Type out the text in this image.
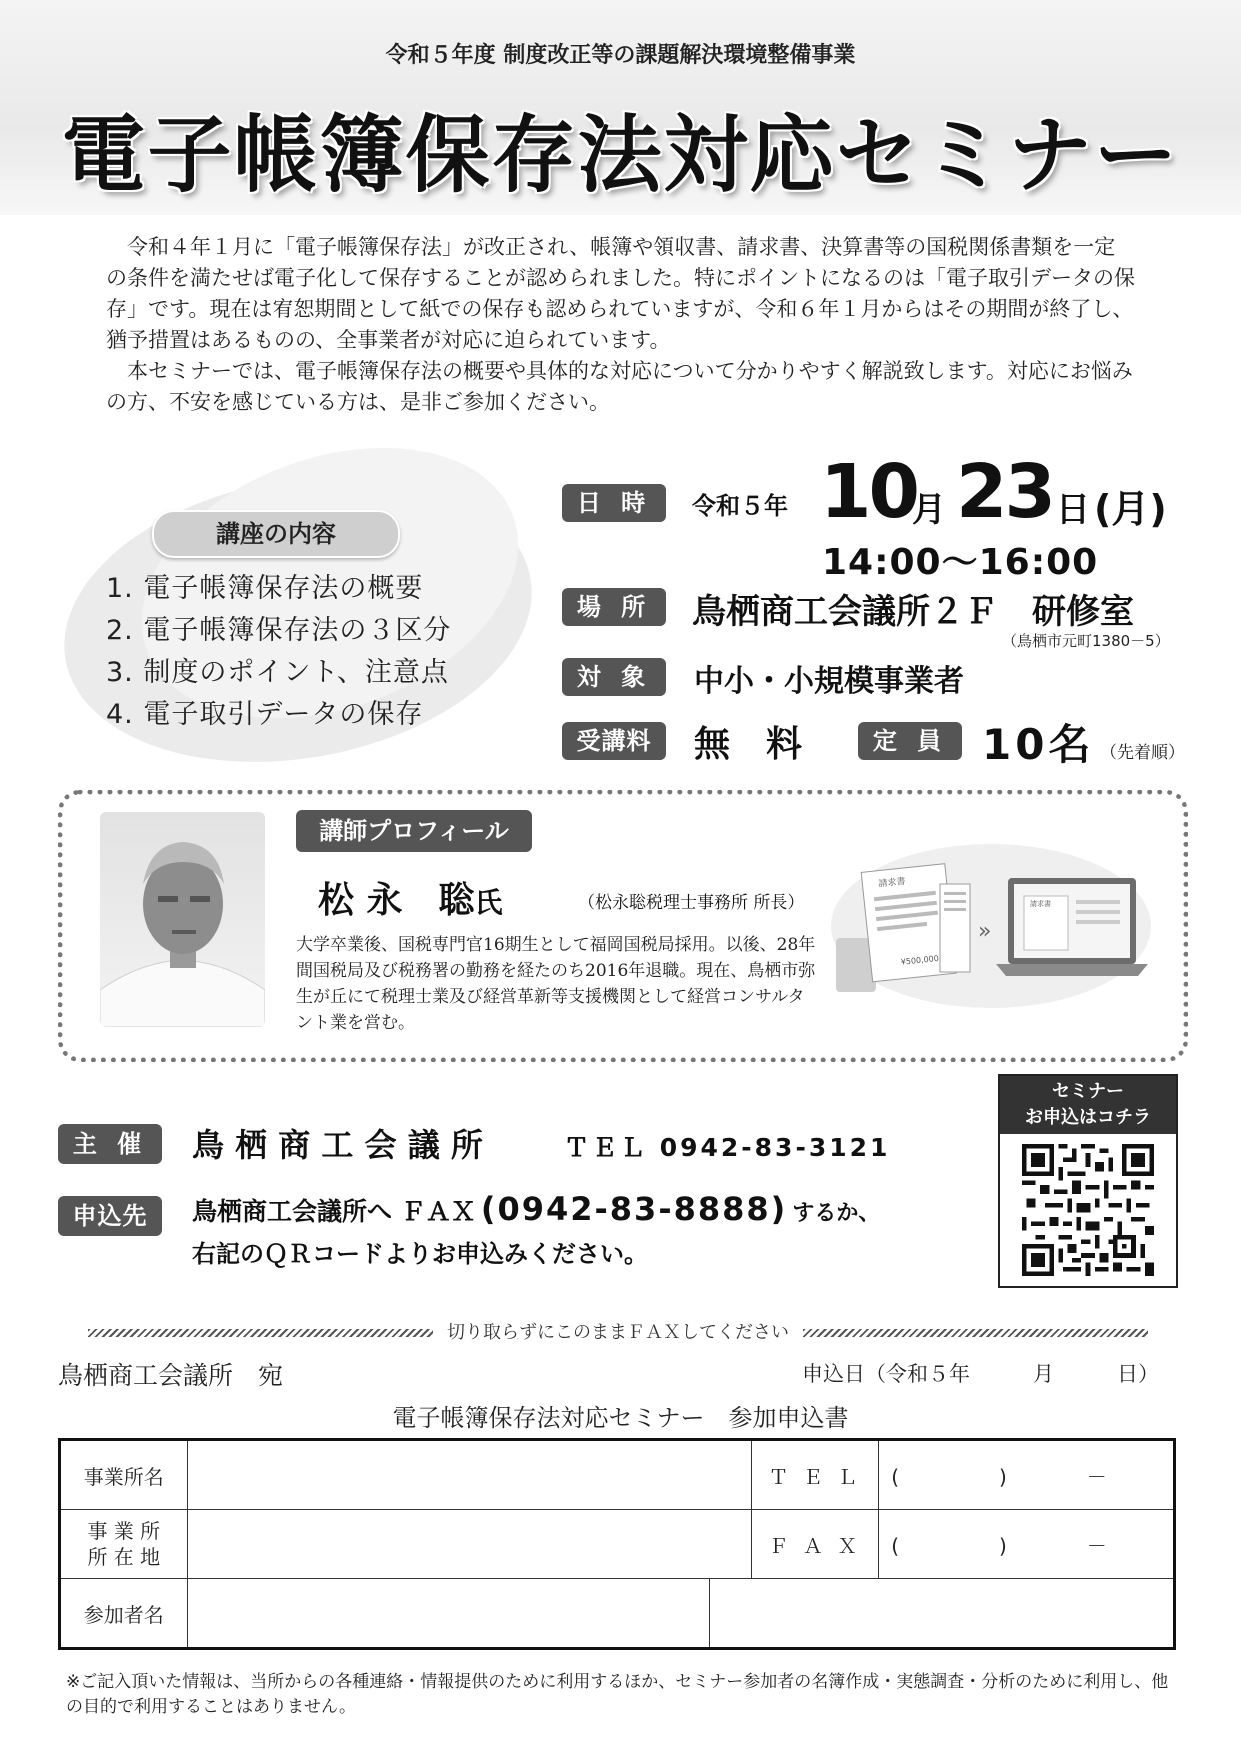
令和５年度 制度改正等の課題解決環境整備事業
電子帳簿保存法対応セミナー

令和４年１月に「電子帳簿保存法」が改正され、帳簿や領収書、請求書、決算書等の国税関係書類を一定の条件を満たせば電子化して保存することが認められました。特にポイントになるのは「電子取引データの保存」です。現在は宥恕期間として紙での保存も認められていますが、令和６年１月からはその期間が終了し、猶予措置はあるものの、全事業者が対応に迫られています。

本セミナーでは、電子帳簿保存法の概要や具体的な対応について分かりやすく解説致します。対応にお悩みの方、不安を感じている方は、是非ご参加ください。

講座の内容
1. 電子帳簿保存法の概要
2. 電子帳簿保存法の３区分
3. 制度のポイント、注意点
4. 電子取引データの保存
日 時	令和５年 10
月 23 日 (月)
14:00〜16:00
場 所	鳥栖商工会議所２Ｆ　研修室
（鳥栖市元町1380－5）
対 象	中小・小規模事業者
受講料	無　料	定 員 10名 （先着順）
講師プロフィール
松 永　聡氏	（松永聡税理士事務所 所長）
大学卒業後、国税専門官16期生として福岡国税局採用。以後、28年間国税局及び税務署の勤務を経たのち2016年退職。現在、鳥栖市弥生が丘にて税理士業及び経営革新等支援機関として経営コンサルタント業を営む。
請求書
¥500,000
»
請求書
主 催	鳥 栖 商 工 会 議 所	ＴＥＬ 0942-83-3121
申込先	鳥栖商工会議所へ ＦＡＸ (0942-83-8888) するか、
右記のＱＲコードよりお申込みください。
セミナー
お申込はコチラ
切り取らずにこのままＦＡＸしてください
鳥栖商工会議所　宛	申込日（令和５年　　　月　　　日）
電子帳簿保存法対応セミナー　参加申込書
事業所名			Ｔ Ｅ Ｌ	(　　　　　)　　　　－
事 業 所
所 在 地			Ｆ Ａ Ｘ	(　　　　　)　　　　－
参加者名				
※ご記入頂いた情報は、当所からの各種連絡・情報提供のために利用するほか、セミナー参加者の名簿作成・実態調査・分析のために利用し、他の目的で利用することはありません。
